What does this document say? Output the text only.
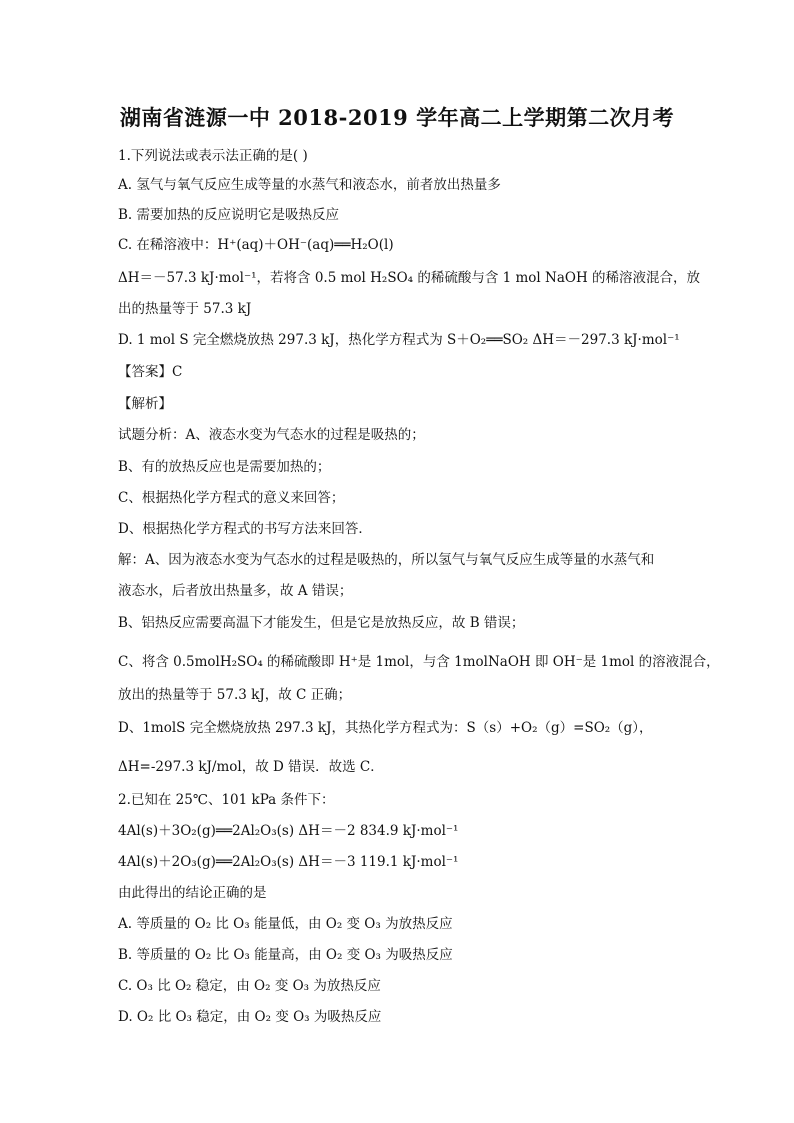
湖南省涟源一中 2018-2019 学年高二上学期第二次月考
1.下列说法或表示法正确的是( )
A. 氢气与氧气反应生成等量的水蒸气和液态水，前者放出热量多
B. 需要加热的反应说明它是吸热反应
C. 在稀溶液中：H⁺(aq)＋OH⁻(aq)══H₂O(l)
ΔH＝－57.3 kJ·mol⁻¹，若将含 0.5 mol H₂SO₄ 的稀硫酸与含 1 mol NaOH 的稀溶液混合，放
出的热量等于 57.3 kJ
D. 1 mol S 完全燃烧放热 297.3 kJ，热化学方程式为 S＋O₂══SO₂ ΔH＝－297.3 kJ·mol⁻¹
【答案】C
【解析】
试题分析：A、液态水变为气态水的过程是吸热的；
B、有的放热反应也是需要加热的；
C、根据热化学方程式的意义来回答；
D、根据热化学方程式的书写方法来回答．
解：A、因为液态水变为气态水的过程是吸热的，所以氢气与氧气反应生成等量的水蒸气和
液态水，后者放出热量多，故 A 错误；
B、铝热反应需要高温下才能发生，但是它是放热反应，故 B 错误；
C、将含 0.5molH₂SO₄ 的稀硫酸即 H⁺是 1mol，与含 1molNaOH 即 OH⁻是 1mol 的溶液混合，
放出的热量等于 57.3 kJ，故 C 正确；
D、1molS 完全燃烧放热 297.3 kJ，其热化学方程式为：S（s）+O₂（g）=SO₂（g），
ΔH=-297.3 kJ/mol，故 D 错误．故选 C．
2.已知在 25℃、101 kPa 条件下：
4Al(s)＋3O₂(g)══2Al₂O₃(s) ΔH＝－2 834.9 kJ·mol⁻¹
4Al(s)＋2O₃(g)══2Al₂O₃(s) ΔH＝－3 119.1 kJ·mol⁻¹
由此得出的结论正确的是
A. 等质量的 O₂ 比 O₃ 能量低，由 O₂ 变 O₃ 为放热反应
B. 等质量的 O₂ 比 O₃ 能量高，由 O₂ 变 O₃ 为吸热反应
C. O₃ 比 O₂ 稳定，由 O₂ 变 O₃ 为放热反应
D. O₂ 比 O₃ 稳定，由 O₂ 变 O₃ 为吸热反应
